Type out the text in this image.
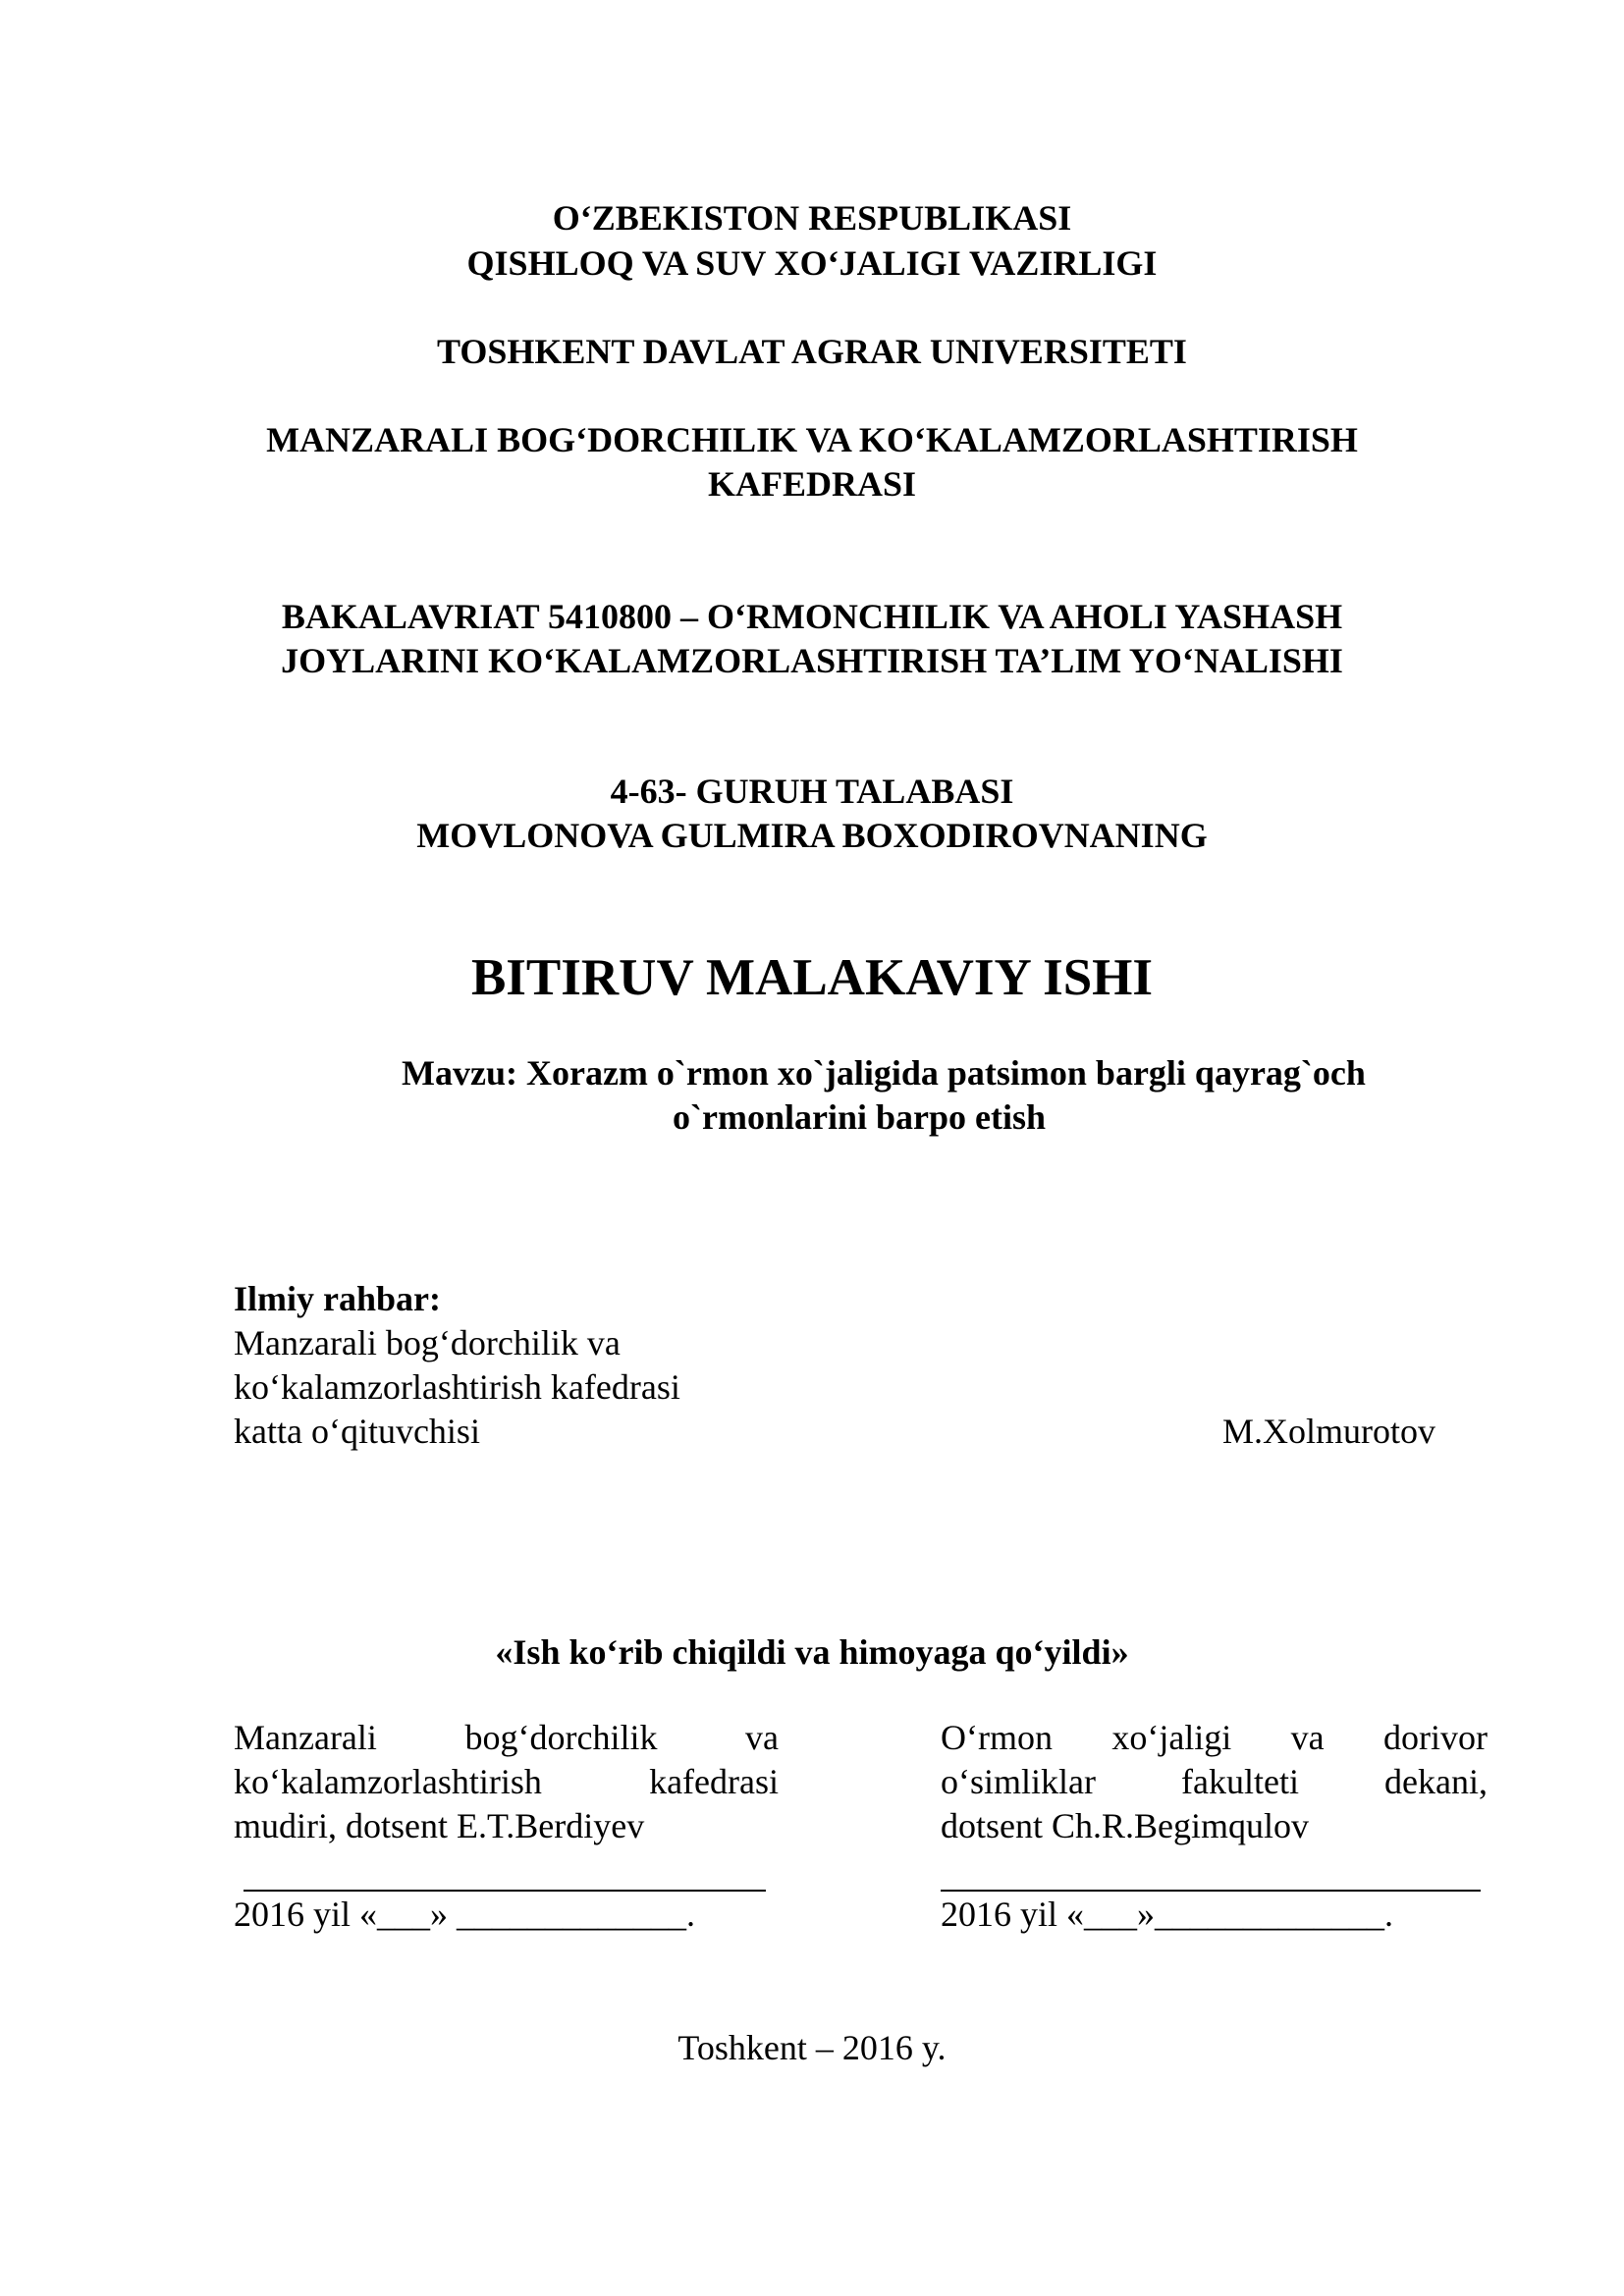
O‘ZBEKISTON RESPUBLIKASI
QISHLOQ VA SUV XO‘JALIGI VAZIRLIGI
TOSHKENT DAVLAT AGRAR UNIVERSITETI
MANZARALI BOG‘DORCHILIK VA KO‘KALAMZORLASHTIRISH
KAFEDRASI
BAKALAVRIAT 5410800 – O‘RMONCHILIK VA AHOLI YASHASH
JOYLARINI KO‘KALAMZORLASHTIRISH TA’LIM YO‘NALISHI
4-63- GURUH TALABASI
MOVLONOVA GULMIRA BOXODIROVNANING
BITIRUV MALAKAVIY ISHI
Mavzu: Xorazm o`rmon xo`jaligida patsimon bargli qayrag`och
o`rmonlarini barpo etish
Ilmiy rahbar:
Manzarali bog‘dorchilik va
ko‘kalamzorlashtirish kafedrasi
katta o‘qituvchisi	M.Xolmurotov
«Ish ko‘rib chiqildi va himoyaga qo‘yildi»
Manzarali bog‘dorchilik va
ko‘kalamzorlashtirish	kafedrasi
mudiri, dotsent E.T.Berdiyev
2016 yil «___» _____________.
O‘rmon xo‘jaligi va dorivor
o‘simliklar fakulteti dekani,
dotsent Ch.R.Begimqulov
2016 yil «___»_____________.
Toshkent – 2016 y.
